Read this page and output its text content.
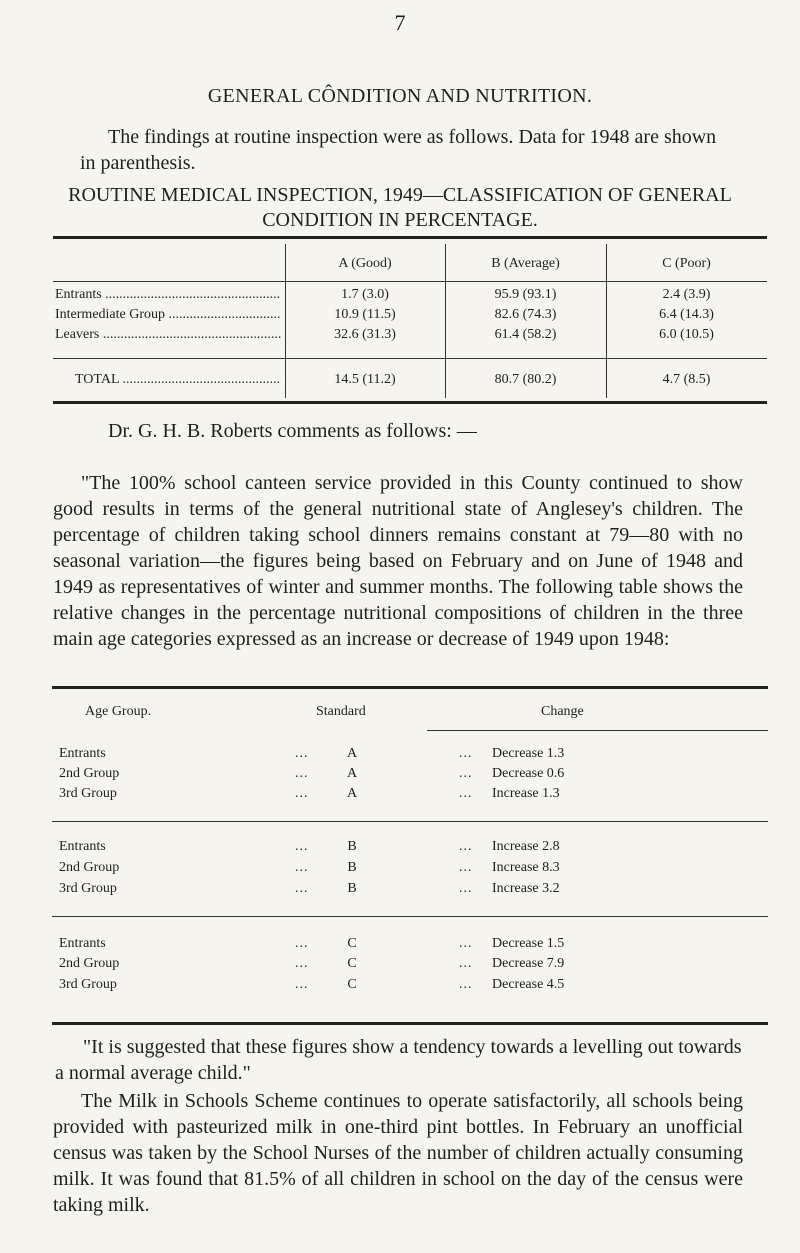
7
GENERAL CÔNDITION AND NUTRITION.
The findings at routine inspection were as follows. Data for 1948 are shown in parenthesis.
ROUTINE MEDICAL INSPECTION, 1949—CLASSIFICATION OF GENERAL CONDITION IN PERCENTAGE.
A (Good)	B (Average)	C (Poor)
Entrants .....	1.7 (3.0)	95.9 (93.1)	2.4 (3.9)
Intermediate Group .....	10.9 (11.5)	82.6 (74.3)	6.4 (14.3)
Leavers .....	32.6 (31.3)	61.4 (58.2)	6.0 (10.5)
TOTAL .....	14.5 (11.2)	80.7 (80.2)	4.7 (8.5)
Dr. G. H. B. Roberts comments as follows: —
"The 100% school canteen service provided in this County continued to show good results in terms of the general nutritional state of Anglesey's children. The percentage of children taking school dinners remains constant at 79—80 with no seasonal variation—the figures being based on February and on June of 1948 and 1949 as representatives of winter and summer months. The following table shows the relative changes in the percentage nutritional compositions of children in the three main age categories expressed as an increase or decrease of 1949 upon 1948:
Age Group.	Standard	Change
Entrants	...	A	... Decrease 1.3
2nd Group	...	A	... Decrease 0.6
3rd Group	...	A	... Increase 1.3
Entrants	...	B	... Increase 2.8
2nd Group	...	B	... Increase 8.3
3rd Group	...	B	... Increase 3.2
Entrants	...	C	... Decrease 1.5
2nd Group	...	C	... Decrease 7.9
3rd Group	...	C	... Decrease 4.5
"It is suggested that these figures show a tendency towards a levelling out towards a normal average child."
The Milk in Schools Scheme continues to operate satisfactorily, all schools being provided with pasteurized milk in one-third pint bottles. In February an unofficial census was taken by the School Nurses of the number of children actually consuming milk. It was found that 81.5% of all children in school on the day of the census were taking milk.
